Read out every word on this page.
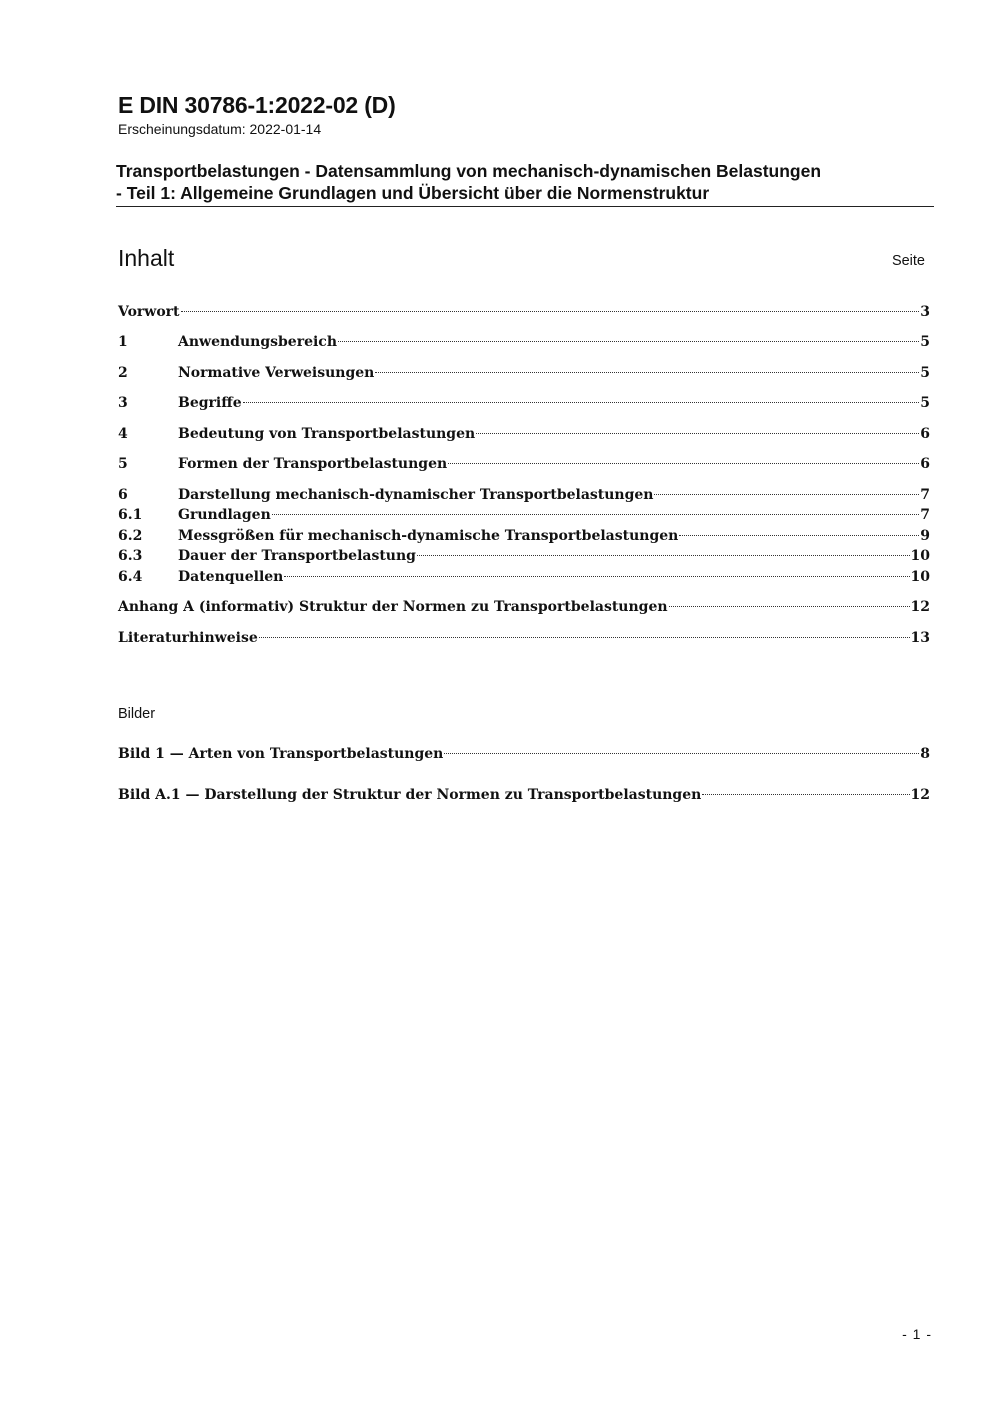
E DIN 30786-1:2022-02 (D)
Erscheinungsdatum: 2022-01-14
Transportbelastungen - Datensammlung von mechanisch-dynamischen Belastungen
- Teil 1: Allgemeine Grundlagen und Übersicht über die Normenstruktur
Inhalt	Seite
Vorwort	3
1	Anwendungsbereich	5
2	Normative Verweisungen	5
3	Begriffe	5
4	Bedeutung von Transportbelastungen	6
5	Formen der Transportbelastungen	6
6	Darstellung mechanisch-dynamischer Transportbelastungen	7
6.1	Grundlagen	7
6.2	Messgrößen für mechanisch-dynamische Transportbelastungen	9
6.3	Dauer der Transportbelastung	10
6.4	Datenquellen	10
Anhang A (informativ) Struktur der Normen zu Transportbelastungen	12
Literaturhinweise	13
Bilder
Bild 1 — Arten von Transportbelastungen	8
Bild A.1 — Darstellung der Struktur der Normen zu Transportbelastungen	12
- 1 -
